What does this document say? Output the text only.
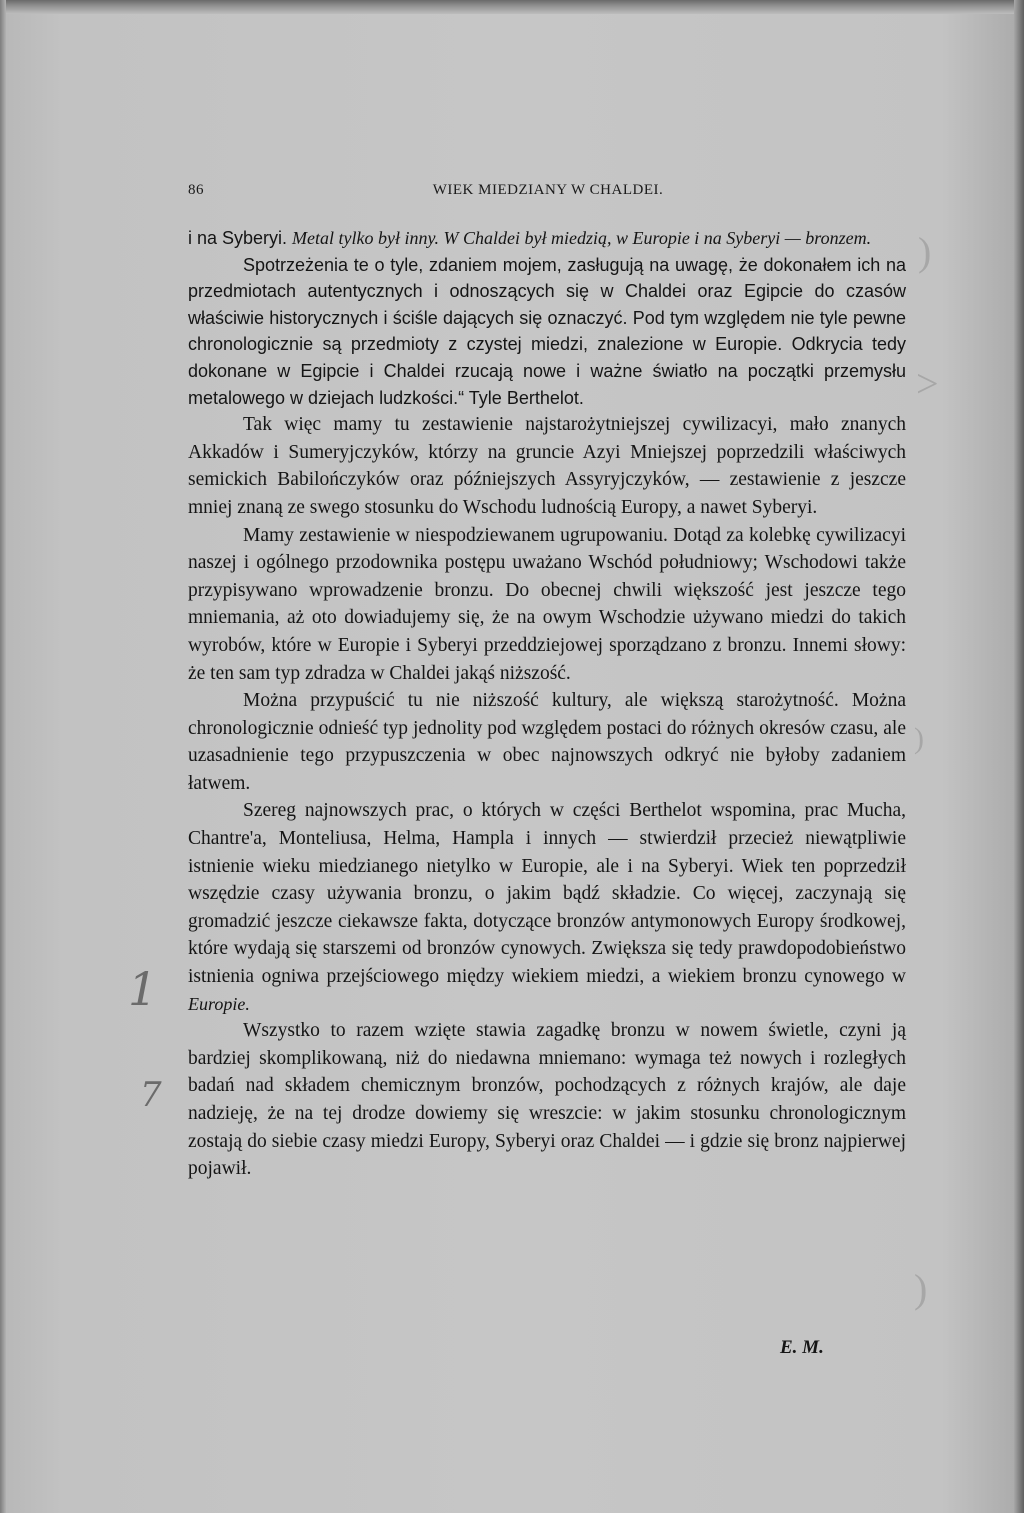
)
>
)
)
86	WIEK MIEDZIANY W CHALDEI.

i na Syberyi. Metal tylko był inny. W Chaldei był miedzią, w Europie i na Syberyi — bronzem.

Spotrzeżenia te o tyle, zdaniem mojem, zasługują na uwagę, że dokonałem ich na przedmiotach autentycznych i odnoszących się w Chaldei oraz Egipcie do czasów właściwie historycznych i ściśle dających się oznaczyć. Pod tym względem nie tyle pewne chronologicznie są przedmioty z czystej miedzi, znalezione w Europie. Odkrycia tedy dokonane w Egipcie i Chaldei rzucają nowe i ważne światło na początki przemysłu metalowego w dziejach ludzkości.“ Tyle Berthelot.

Tak więc mamy tu zestawienie najstarożytniejszej cywilizacyi, mało znanych Akkadów i Sumeryjczyków, którzy na gruncie Azyi Mniejszej poprzedzili właściwych semickich Babilończyków oraz późniejszych Assyryjczyków, — zestawienie z jeszcze mniej znaną ze swego stosunku do Wschodu ludnością Europy, a nawet Syberyi.

Mamy zestawienie w niespodziewanem ugrupowaniu. Dotąd za kolebkę cywilizacyi naszej i ogólnego przodownika postępu uważano Wschód południowy; Wschodowi także przypisywano wprowadzenie bronzu. Do obecnej chwili większość jest jeszcze tego mniemania, aż oto dowiadujemy się, że na owym Wschodzie używano miedzi do takich wyrobów, które w Europie i Syberyi przeddziejowej sporządzano z bronzu. Innemi słowy: że ten sam typ zdradza w Chaldei jakąś niższość.

Można przypuścić tu nie niższość kultury, ale większą starożytność. Można chronologicznie odnieść typ jednolity pod względem postaci do różnych okresów czasu, ale uzasadnienie tego przypuszczenia w obec najnowszych odkryć nie byłoby zadaniem łatwem.

Szereg najnowszych prac, o których w części Berthelot wspomina, prac Mucha, Chantre'a, Monteliusa, Helma, Hampla i innych — stwierdził przecież niewątpliwie istnienie wieku miedzianego nietylko w Europie, ale i na Syberyi. Wiek ten poprzedził wszędzie czasy używania bronzu, o jakim bądź składzie. Co więcej, zaczynają się gromadzić jeszcze ciekawsze fakta, dotyczące bronzów antymonowych Europy środkowej, które wydają się starszemi od bronzów cynowych. Zwiększa się tedy prawdopodobieństwo istnienia ogniwa przejściowego między wiekiem miedzi, a wiekiem bronzu cynowego w Europie.

Wszystko to razem wzięte stawia zagadkę bronzu w nowem świetle, czyni ją bardziej skomplikowaną, niż do niedawna mniemano: wymaga też nowych i rozległych badań nad składem chemicznym bronzów, pochodzących z różnych krajów, ale daje nadzieję, że na tej drodze dowiemy się wreszcie: w jakim stosunku chronologicznym zostają do siebie czasy miedzi Europy, Syberyi oraz Chaldei — i gdzie się bronz najpierwej pojawił.

E. M.
1
7
